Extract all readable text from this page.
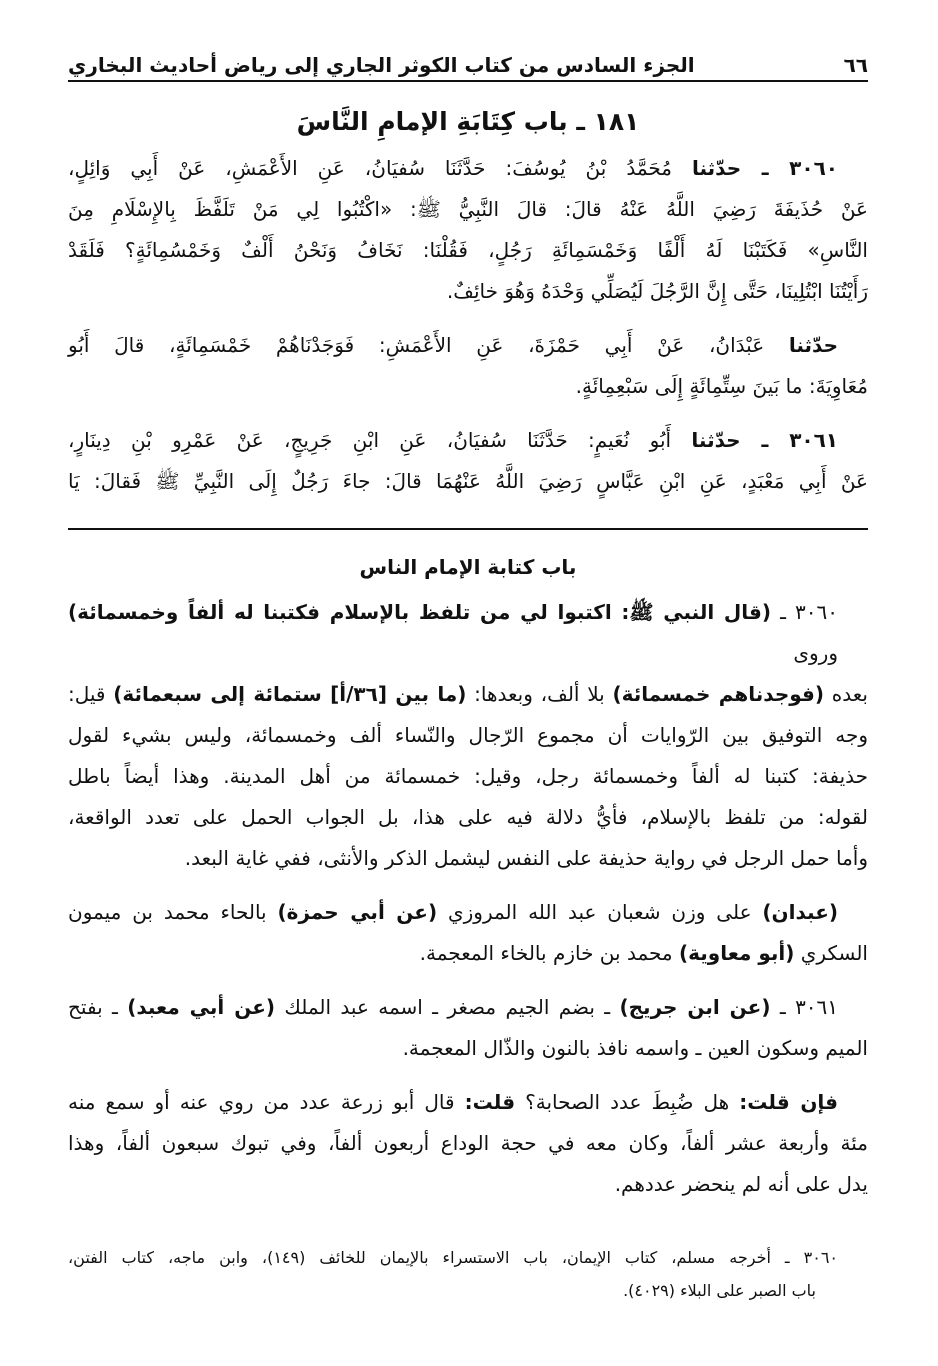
٦٦
الجزء السادس من كتاب الكوثر الجاري إلى رياض أحاديث البخاري
١٨١ ـ باب كِتَابَةِ الإمامِ النَّاسَ
٣٠٦٠ ـ حدّثنا مُحَمَّدُ بْنُ يُوسُفَ: حَدَّثَنَا سُفيَانُ، عَنِ الأَعْمَشِ، عَنْ أَبِي وَائِلٍ،
عَنْ حُذَيفَةَ رَضِيَ اللَّهُ عَنْهُ قالَ: قالَ النَّبِيُّ ﷺ: «اكْتُبُوا لِي مَنْ تَلَفَّظَ بِالإِسْلَامِ مِنَ
النَّاسِ» فَكَتَبْنَا لَهُ أَلْفًا وَخَمْسَمِائَةِ رَجُلٍ، فَقُلْنَا: نَخَافُ وَنَحْنُ أَلْفٌ وَخَمْسُمِائَةٍ؟ فَلَقَدْ
رَأَيْتُنَا ابْتُلِينَا، حَتَّى إِنَّ الرَّجُلَ لَيُصَلِّي وَحْدَهُ وَهُوَ خائِفٌ.
حدّثنا عَبْدَانُ، عَنْ أَبِي حَمْزَةَ، عَنِ الأَعْمَشِ: فَوَجَدْنَاهُمْ خَمْسَمِائَةٍ، قالَ أَبُو
مُعَاوِيَةَ: ما بَينَ سِتِّمِائَةٍ إِلَى سَبْعِمِائَةٍ.
٣٠٦١ ـ حدّثنا أَبُو نُعَيمٍ: حَدَّثَنَا سُفيَانُ، عَنِ ابْنِ جَرِيجٍ، عَنْ عَمْرِو بْنِ دِينَارٍ،
عَنْ أَبِي مَعْبَدٍ، عَنِ ابْنِ عَبَّاسٍ رَضِيَ اللَّهُ عَنْهُمَا قالَ: جاءَ رَجُلٌ إِلَى النَّبِيِّ ﷺ فَقالَ: يَا
باب كتابة الإمام الناس
٣٠٦٠ ـ (قال النبي ﷺ: اكتبوا لي من تلفظ بالإسلام فكتبنا له ألفاً وخمسمائة) وروى
بعده (فوجدناهم خمسمائة) بلا ألف، وبعدها: (ما بين [٣٦/أ] ستمائة إلى سبعمائة) قيل:
وجه التوفيق بين الرّوايات أن مجموع الرّجال والنّساء ألف وخمسمائة، وليس بشيء لقول
حذيفة: كتبنا له ألفاً وخمسمائة رجل، وقيل: خمسمائة من أهل المدينة. وهذا أيضاً باطل
لقوله: من تلفظ بالإسلام، فأيُّ دلالة فيه على هذا، بل الجواب الحمل على تعدد الواقعة،
وأما حمل الرجل في رواية حذيفة على النفس ليشمل الذكر والأنثى، ففي غاية البعد.
(عبدان) على وزن شعبان عبد الله المروزي (عن أبي حمزة) بالحاء محمد بن ميمون
السكري (أبو معاوية) محمد بن خازم بالخاء المعجمة.
٣٠٦١ ـ (عن ابن جريج) ـ بضم الجيم مصغر ـ اسمه عبد الملك (عن أبي معبد) ـ بفتح
الميم وسكون العين ـ واسمه نافذ بالنون والذّال المعجمة.
فإن قلت: هل ضُبِطَ عدد الصحابة؟ قلت: قال أبو زرعة عدد من روي عنه أو سمع منه
مئة وأربعة عشر ألفاً، وكان معه في حجة الوداع أربعون ألفاً، وفي تبوك سبعون ألفاً، وهذا
يدل على أنه لم ينحضر عددهم.
٣٠٦٠ ـ أخرجه مسلم، كتاب الإيمان، باب الاستسراء بالإيمان للخائف (١٤٩)، وابن ماجه، كتاب الفتن،
باب الصبر على البلاء (٤٠٢٩).
